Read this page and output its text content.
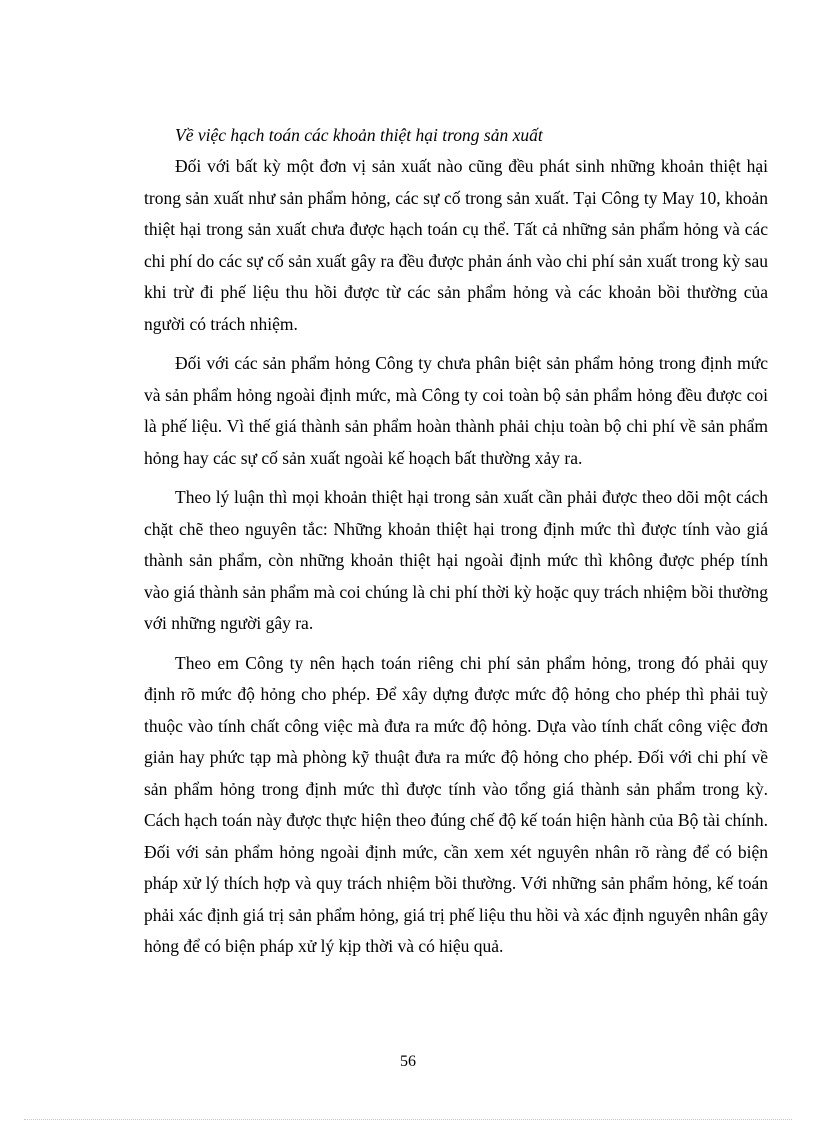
Về việc hạch toán các khoản thiệt hại trong sản xuất

Đối với bất kỳ một đơn vị sản xuất nào cũng đều phát sinh những khoản thiệt hại trong sản xuất như sản phẩm hỏng, các sự cố trong sản xuất. Tại Công ty May 10, khoản thiệt hại trong sản xuất chưa được hạch toán cụ thể. Tất cả những sản phẩm hỏng và các chi phí do các sự cố sản xuất gây ra đều được phản ánh vào chi phí sản xuất trong kỳ sau khi trừ đi phế liệu thu hồi được từ các sản phẩm hỏng và các khoản bồi thường của người có trách nhiệm.

Đối với các sản phẩm hỏng Công ty chưa phân biệt sản phẩm hỏng trong định mức và sản phẩm hỏng ngoài định mức, mà Công ty coi toàn bộ sản phẩm hỏng đều được coi là phế liệu. Vì thế giá thành sản phẩm hoàn thành phải chịu toàn bộ chi phí về sản phẩm hỏng hay các sự cố sản xuất ngoài kế hoạch bất thường xảy ra.

Theo lý luận thì mọi khoản thiệt hại trong sản xuất cần phải được theo dõi một cách chặt chẽ theo nguyên tắc: Những khoản thiệt hại trong định mức thì được tính vào giá thành sản phẩm, còn những khoản thiệt hại ngoài định mức thì không được phép tính vào giá thành sản phẩm mà coi chúng là chi phí thời kỳ hoặc quy trách nhiệm bồi thường với những người gây ra.

Theo em Công ty nên hạch toán riêng chi phí sản phẩm hỏng, trong đó phải quy định rõ mức độ hỏng cho phép. Để xây dựng được mức độ hỏng cho phép thì phải tuỳ thuộc vào tính chất công việc mà đưa ra mức độ hỏng. Dựa vào tính chất công việc đơn giản hay phức tạp mà phòng kỹ thuật đưa ra mức độ hỏng cho phép. Đối với chi phí về sản phẩm hỏng trong định mức thì được tính vào tổng giá thành sản phẩm trong kỳ. Cách hạch toán này được thực hiện theo đúng chế độ kế toán hiện hành của Bộ tài chính. Đối với sản phẩm hỏng ngoài định mức, cần xem xét nguyên nhân rõ ràng để có biện pháp xử lý thích hợp và quy trách nhiệm bồi thường. Với những sản phẩm hỏng, kế toán phải xác định giá trị sản phẩm hỏng, giá trị phế liệu thu hồi và xác định nguyên nhân gây hỏng để có biện pháp xử lý kịp thời và có hiệu quả.

56
